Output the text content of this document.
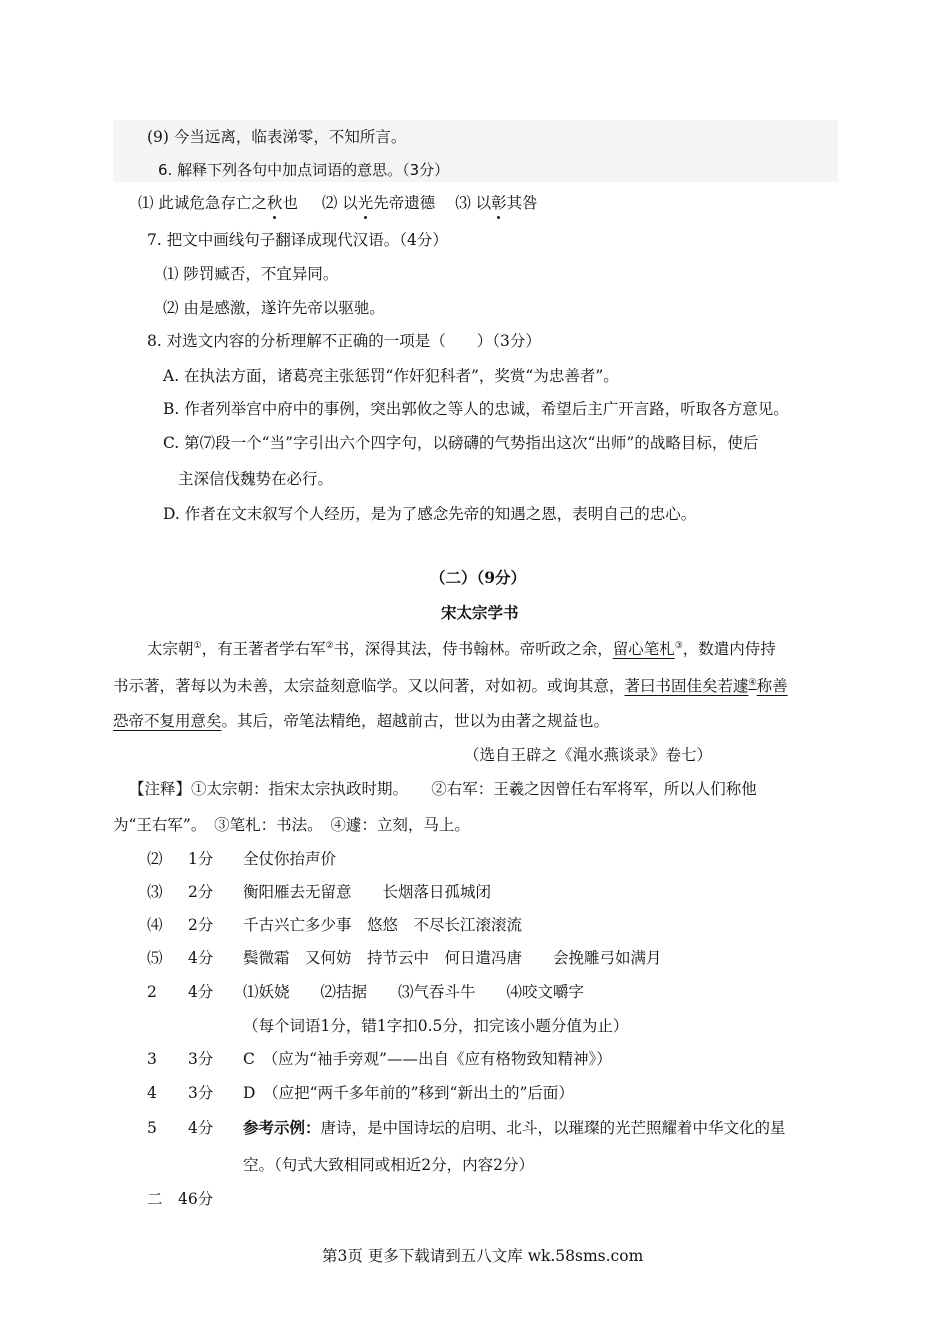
(9) 今当远离，临表涕零，不知所言。
6. 解释下列各句中加点词语的意思。（3分）
⑴ 此诚危急存亡之秋也 ⑵ 以光先帝遗德 ⑶ 以彰其咎
7. 把文中画线句子翻译成现代汉语。（4分）
⑴ 陟罚臧否，不宜异同。
⑵ 由是感激，遂许先帝以驱驰。
8. 对选文内容的分析理解不正确的一项是（　　）（3分）
A. 在执法方面，诸葛亮主张惩罚“作奸犯科者”，奖赏“为忠善者”。
B. 作者列举宫中府中的事例，突出郭攸之等人的忠诚，希望后主广开言路，听取各方意见。
C. 第⑺段一个“当”字引出六个四字句，以磅礴的气势指出这次“出师”的战略目标，使后
主深信伐魏势在必行。
D. 作者在文末叙写个人经历，是为了感念先帝的知遇之恩，表明自己的忠心。
（二）（9分）
宋太宗学书
太宗朝①，有王著者学右军②书，深得其法，侍书翰林。帝听政之余，留心笔札③，数遣内侍持
书示著，著每以为未善，太宗益刻意临学。又以问著，对如初。或询其意，著曰书固佳矣若遽④称善
恐帝不复用意矣。其后，帝笔法精绝，超越前古，世以为由著之规益也。
（选自王辟之《渑水燕谈录》卷七）
【注释】①太宗朝：指宋太宗执政时期。　　②右军：王羲之因曾任右军将军，所以人们称他
为“王右军”。　③笔札：书法。　④遽：立刻，马上。
⑵ 1分 全仗你抬声价
⑶ 2分 衡阳雁去无留意　　长烟落日孤城闭
⑷ 2分 千古兴亡多少事　悠悠　不尽长江滚滚流
⑸ 4分 鬓微霜　又何妨　持节云中　何日遣冯唐　　会挽雕弓如满月
2 4分 ⑴妖娆　　⑵拮据　　⑶气吞斗牛　　⑷咬文嚼字
（每个词语1分，错1字扣0.5分，扣完该小题分值为止）
3 3分 C　（应为“袖手旁观”——出自《应有格物致知精神》）
4 3分 D　（应把“两千多年前的”移到“新出土的”后面）
5 4分 参考示例：唐诗，是中国诗坛的启明、北斗，以璀璨的光芒照耀着中华文化的星
空。（句式大致相同或相近2分，内容2分）
二　46分
第3页 更多下载请到五八文库 wk.58sms.com
